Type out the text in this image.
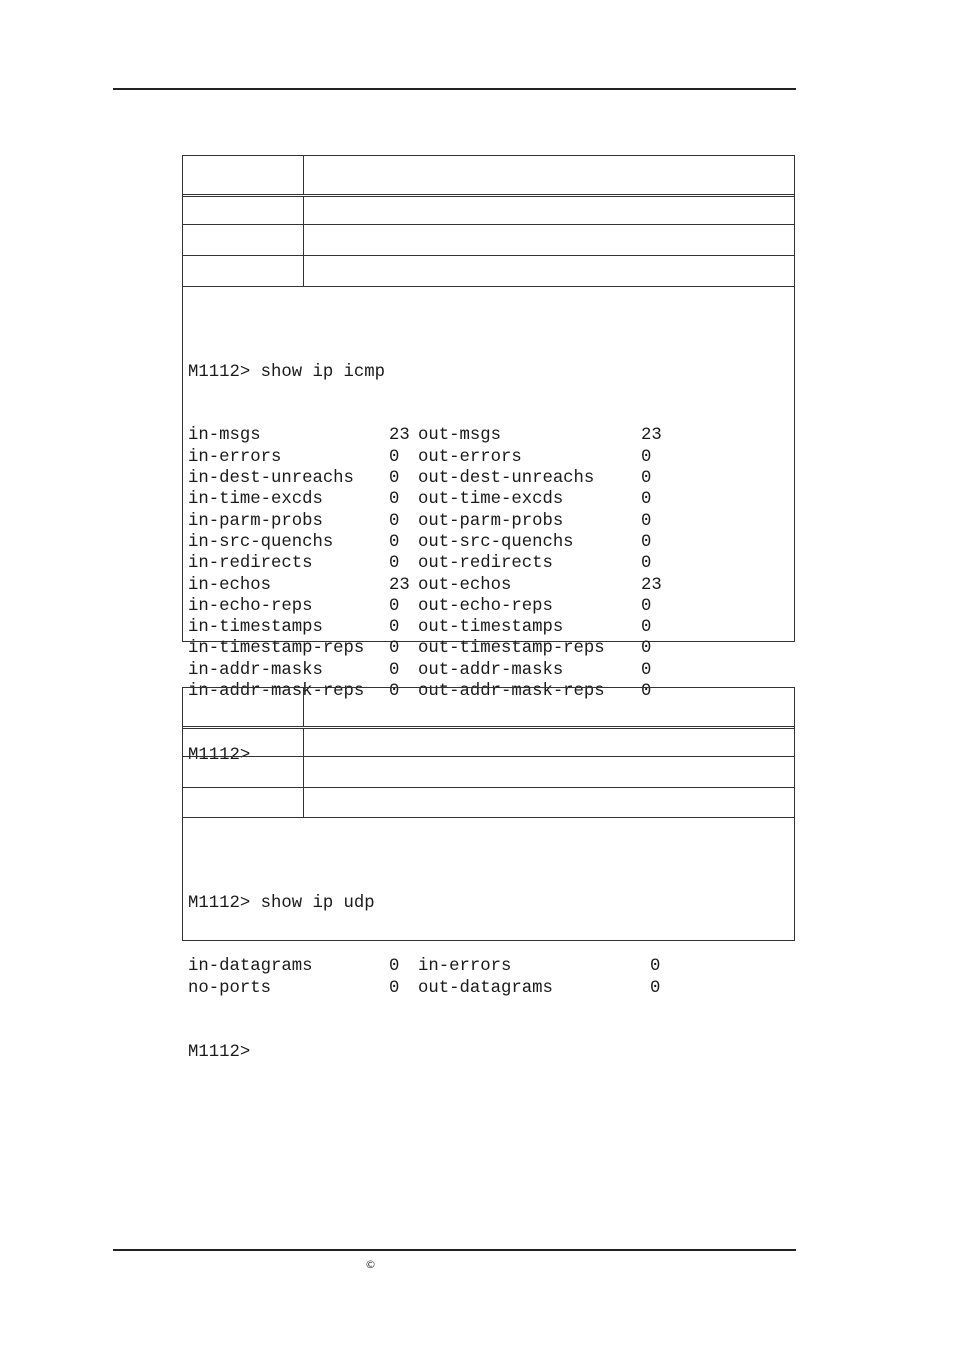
M1112> show ip icmp

in-msgs	23 out-msgs	23
in-errors	0	out-errors	0
in-dest-unreachs	0	out-dest-unreachs	0
in-time-excds	0	out-time-excds	0
in-parm-probs	0	out-parm-probs	0
in-src-quenchs	0	out-src-quenchs	0
in-redirects	0	out-redirects	0
in-echos	23 out-echos	23
in-echo-reps	0	out-echo-reps	0
in-timestamps	0	out-timestamps	0
in-timestamp-reps	0	out-timestamp-reps	0
in-addr-masks	0	out-addr-masks	0
in-addr-mask-reps	0	out-addr-mask-reps	0

M1112>

M1112> show ip udp

in-datagrams	0	in-errors	0
no-ports	0	out-datagrams	0

M1112>

©
